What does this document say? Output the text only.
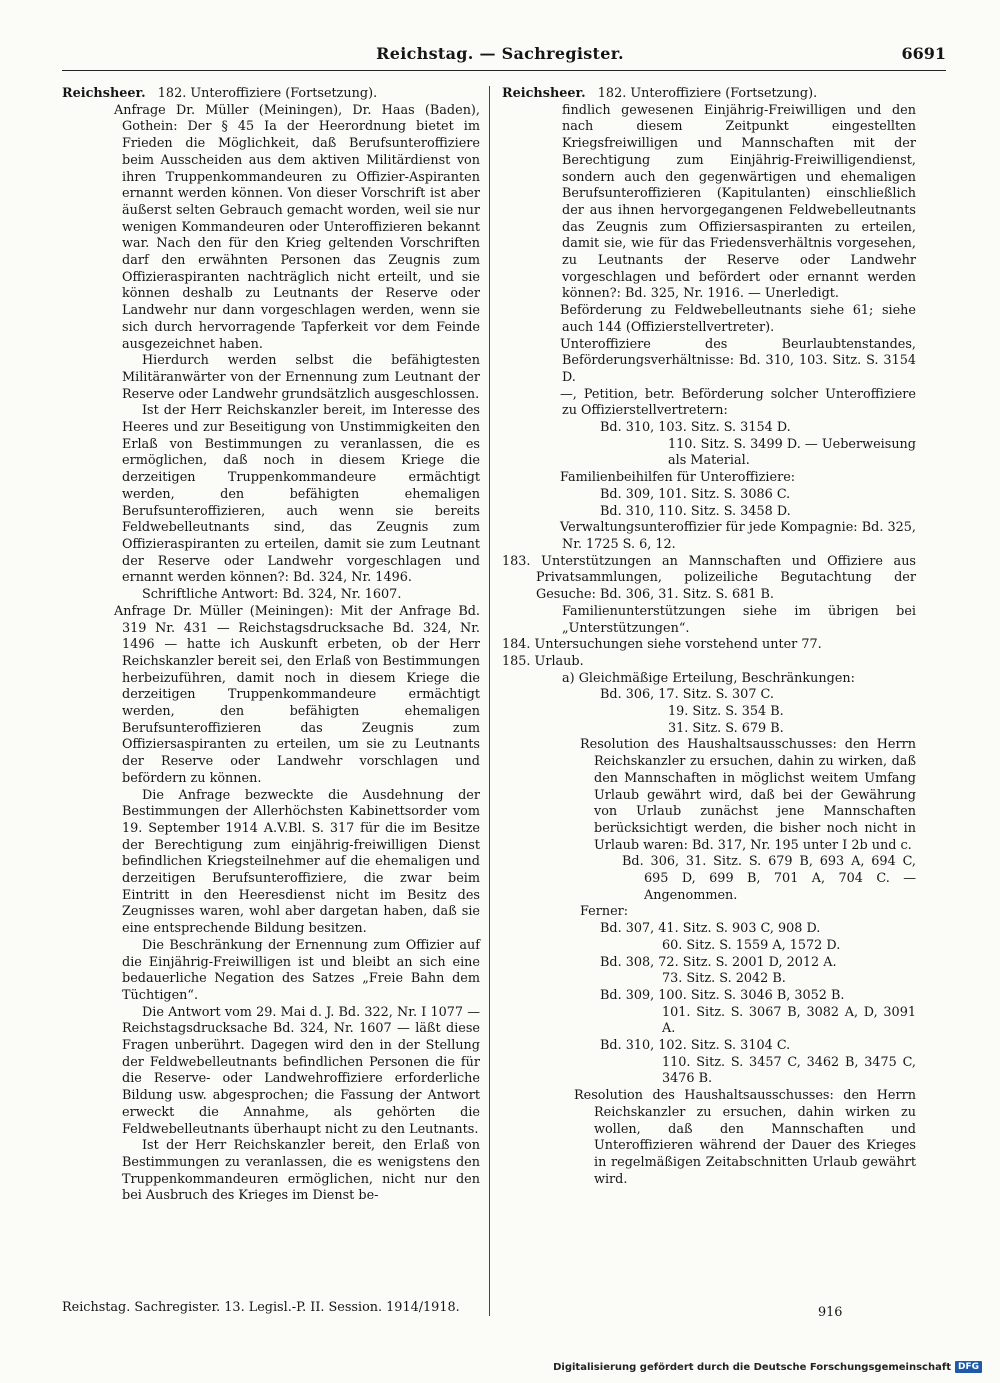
Reichstag. — Sachregister.	6691

Reichsheer. 182. Unteroffiziere (Fortsetzung).

Anfrage Dr. Müller (Meiningen), Dr. Haas (Baden), Gothein: Der § 45 Ia der Heerordnung bietet im Frieden die Möglichkeit, daß Berufsunteroffiziere beim Ausscheiden aus dem aktiven Militärdienst von ihren Truppenkommandeuren zu Offizier-Aspiranten ernannt werden können. Von dieser Vorschrift ist aber äußerst selten Gebrauch gemacht worden, weil sie nur wenigen Kommandeuren oder Unteroffizieren bekannt war. Nach den für den Krieg geltenden Vorschriften darf den erwähnten Personen das Zeugnis zum Offizieraspiranten nachträglich nicht erteilt, und sie können deshalb zu Leutnants der Reserve oder Landwehr nur dann vorgeschlagen werden, wenn sie sich durch hervorragende Tapferkeit vor dem Feinde ausgezeichnet haben.

Hierdurch werden selbst die befähigtesten Militäranwärter von der Ernennung zum Leutnant der Reserve oder Landwehr grundsätzlich ausgeschlossen.

Ist der Herr Reichskanzler bereit, im Interesse des Heeres und zur Beseitigung von Unstimmigkeiten den Erlaß von Bestimmungen zu veranlassen, die es ermöglichen, daß noch in diesem Kriege die derzeitigen Truppenkommandeure ermächtigt werden, den befähigten ehemaligen Berufsunteroffizieren, auch wenn sie bereits Feldwebelleutnants sind, das Zeugnis zum Offizieraspiranten zu erteilen, damit sie zum Leutnant der Reserve oder Landwehr vorgeschlagen und ernannt werden können?: Bd. 324, Nr. 1496.

Schriftliche Antwort: Bd. 324, Nr. 1607.

Anfrage Dr. Müller (Meiningen): Mit der Anfrage Bd. 319 Nr. 431 — Reichstagsdrucksache Bd. 324, Nr. 1496 — hatte ich Auskunft erbeten, ob der Herr Reichskanzler bereit sei, den Erlaß von Bestimmungen herbeizuführen, damit noch in diesem Kriege die derzeitigen Truppenkommandeure ermächtigt werden, den befähigten ehemaligen Berufsunteroffizieren das Zeugnis zum Offiziersaspiranten zu erteilen, um sie zu Leutnants der Reserve oder Landwehr vorschlagen und befördern zu können.

Die Anfrage bezweckte die Ausdehnung der Bestimmungen der Allerhöchsten Kabinettsorder vom 19. September 1914 A.V.Bl. S. 317 für die im Besitze der Berechtigung zum einjährig-freiwilligen Dienst befindlichen Kriegsteilnehmer auf die ehemaligen und derzeitigen Berufsunteroffiziere, die zwar beim Eintritt in den Heeresdienst nicht im Besitz des Zeugnisses waren, wohl aber dargetan haben, daß sie eine entsprechende Bildung besitzen.

Die Beschränkung der Ernennung zum Offizier auf die Einjährig-Freiwilligen ist und bleibt an sich eine bedauerliche Negation des Satzes „Freie Bahn dem Tüchtigen“.

Die Antwort vom 29. Mai d. J. Bd. 322, Nr. I 1077 — Reichstagsdrucksache Bd. 324, Nr. 1607 — läßt diese Fragen unberührt. Dagegen wird den in der Stellung der Feldwebelleutnants befindlichen Personen die für die Reserve- oder Landwehroffiziere erforderliche Bildung usw. abgesprochen; die Fassung der Antwort erweckt die Annahme, als gehörten die Feldwebelleutnants überhaupt nicht zu den Leutnants.

Ist der Herr Reichskanzler bereit, den Erlaß von Bestimmungen zu veranlassen, die es wenigstens den Truppenkommandeuren ermöglichen, nicht nur den bei Ausbruch des Krieges im Dienst be-

Reichstag. Sachregister. 13. Legisl.-P. II. Session. 1914/1918.

Reichsheer. 182. Unteroffiziere (Fortsetzung).

findlich gewesenen Einjährig-Freiwilligen und den nach diesem Zeitpunkt eingestellten Kriegsfreiwilligen und Mannschaften mit der Berechtigung zum Einjährig-Freiwilligendienst, sondern auch den gegenwärtigen und ehemaligen Berufsunteroffizieren (Kapitulanten) einschließlich der aus ihnen hervorgegangenen Feldwebelleutnants das Zeugnis zum Offiziersaspiranten zu erteilen, damit sie, wie für das Friedensverhältnis vorgesehen, zu Leutnants der Reserve oder Landwehr vorgeschlagen und befördert oder ernannt werden können?: Bd. 325, Nr. 1916. — Unerledigt.

Beförderung zu Feldwebelleutnants siehe 61; siehe auch 144 (Offizierstellvertreter).

Unteroffiziere des Beurlaubtenstandes, Beförderungsverhältnisse: Bd. 310, 103. Sitz. S. 3154 D.

—, Petition, betr. Beförderung solcher Unteroffiziere zu Offizierstellvertretern:

Bd. 310, 103. Sitz. S. 3154 D.

110. Sitz. S. 3499 D. — Ueberweisung als Material.

Familienbeihilfen für Unteroffiziere:

Bd. 309, 101. Sitz. S. 3086 C.

Bd. 310, 110. Sitz. S. 3458 D.

Verwaltungsunteroffizier für jede Kompagnie: Bd. 325, Nr. 1725 S. 6, 12.

183. Unterstützungen an Mannschaften und Offiziere aus Privatsammlungen, polizeiliche Begutachtung der Gesuche: Bd. 306, 31. Sitz. S. 681 B.

Familienunterstützungen siehe im übrigen bei „Unterstützungen“.

184. Untersuchungen siehe vorstehend unter 77.

185. Urlaub.

a) Gleichmäßige Erteilung, Beschränkungen:

Bd. 306, 17. Sitz. S. 307 C.

19. Sitz. S. 354 B.

31. Sitz. S. 679 B.

Resolution des Haushaltsausschusses: den Herrn Reichskanzler zu ersuchen, dahin zu wirken, daß den Mannschaften in möglichst weitem Umfang Urlaub gewährt wird, daß bei der Gewährung von Urlaub zunächst jene Mannschaften berücksichtigt werden, die bisher noch nicht in Urlaub waren: Bd. 317, Nr. 195 unter I 2b und c.

Bd. 306, 31. Sitz. S. 679 B, 693 A, 694 C, 695 D, 699 B, 701 A, 704 C. — Angenommen.

Ferner:

Bd. 307, 41. Sitz. S. 903 C, 908 D.

60. Sitz. S. 1559 A, 1572 D.

Bd. 308, 72. Sitz. S. 2001 D, 2012 A.

73. Sitz. S. 2042 B.

Bd. 309, 100. Sitz. S. 3046 B, 3052 B.

101. Sitz. S. 3067 B, 3082 A, D, 3091 A.

Bd. 310, 102. Sitz. S. 3104 C.

110. Sitz. S. 3457 C, 3462 B, 3475 C, 3476 B.

Resolution des Haushaltsausschusses: den Herrn Reichskanzler zu ersuchen, dahin wirken zu wollen, daß den Mannschaften und Unteroffizieren während der Dauer des Krieges in regelmäßigen Zeitabschnitten Urlaub gewährt wird.

916
Digitalisierung gefördert durch die Deutsche Forschungsgemeinschaft DFG
